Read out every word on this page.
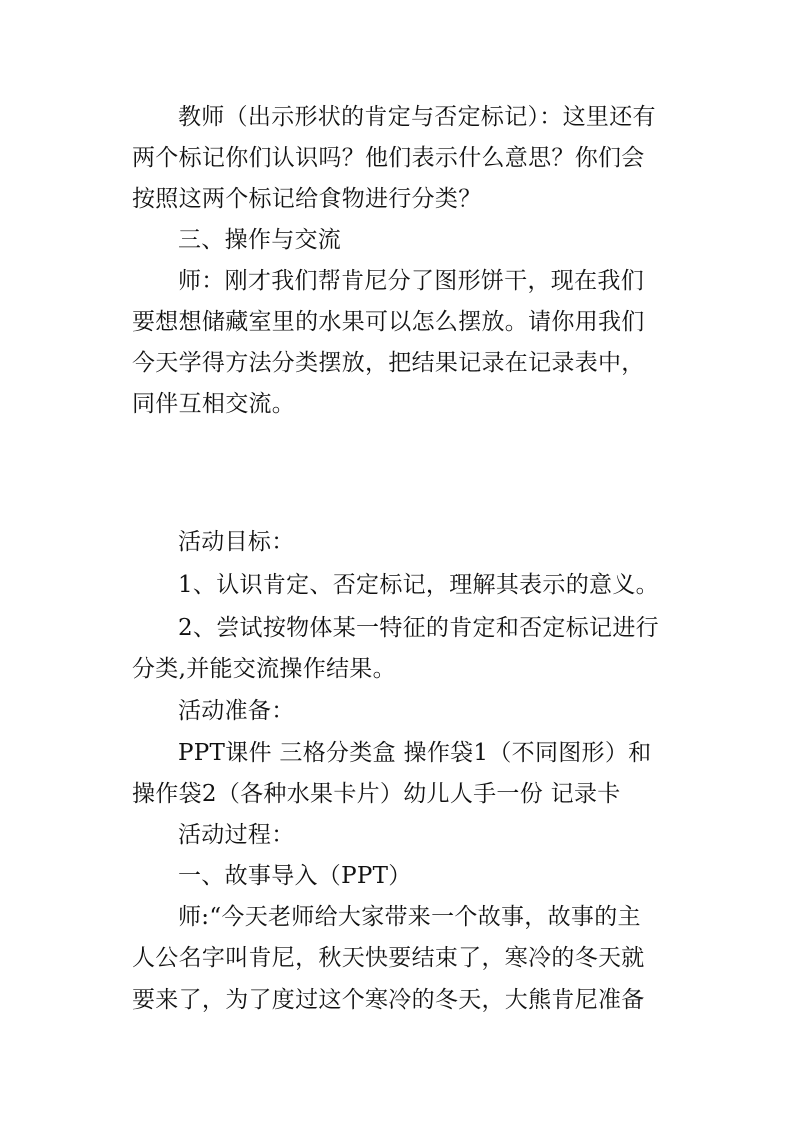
教师（出示形状的肯定与否定标记）：这里还有
两个标记你们认识吗？他们表示什么意思？你们会
按照这两个标记给食物进行分类？
三、操作与交流
师：刚才我们帮肯尼分了图形饼干，现在我们
要想想储藏室里的水果可以怎么摆放。请你用我们
今天学得方法分类摆放，把结果记录在记录表中，
同伴互相交流。
活动目标：
1、认识肯定、否定标记，理解其表示的意义。
2、尝试按物体某一特征的肯定和否定标记进行
分类,并能交流操作结果。
活动准备：
PPT课件 三格分类盒 操作袋1（不同图形）和
操作袋2（各种水果卡片）幼儿人手一份 记录卡
活动过程：
一、故事导入（PPT）
师:“今天老师给大家带来一个故事，故事的主
人公名字叫肯尼，秋天快要结束了，寒冷的冬天就
要来了，为了度过这个寒冷的冬天，大熊肯尼准备
